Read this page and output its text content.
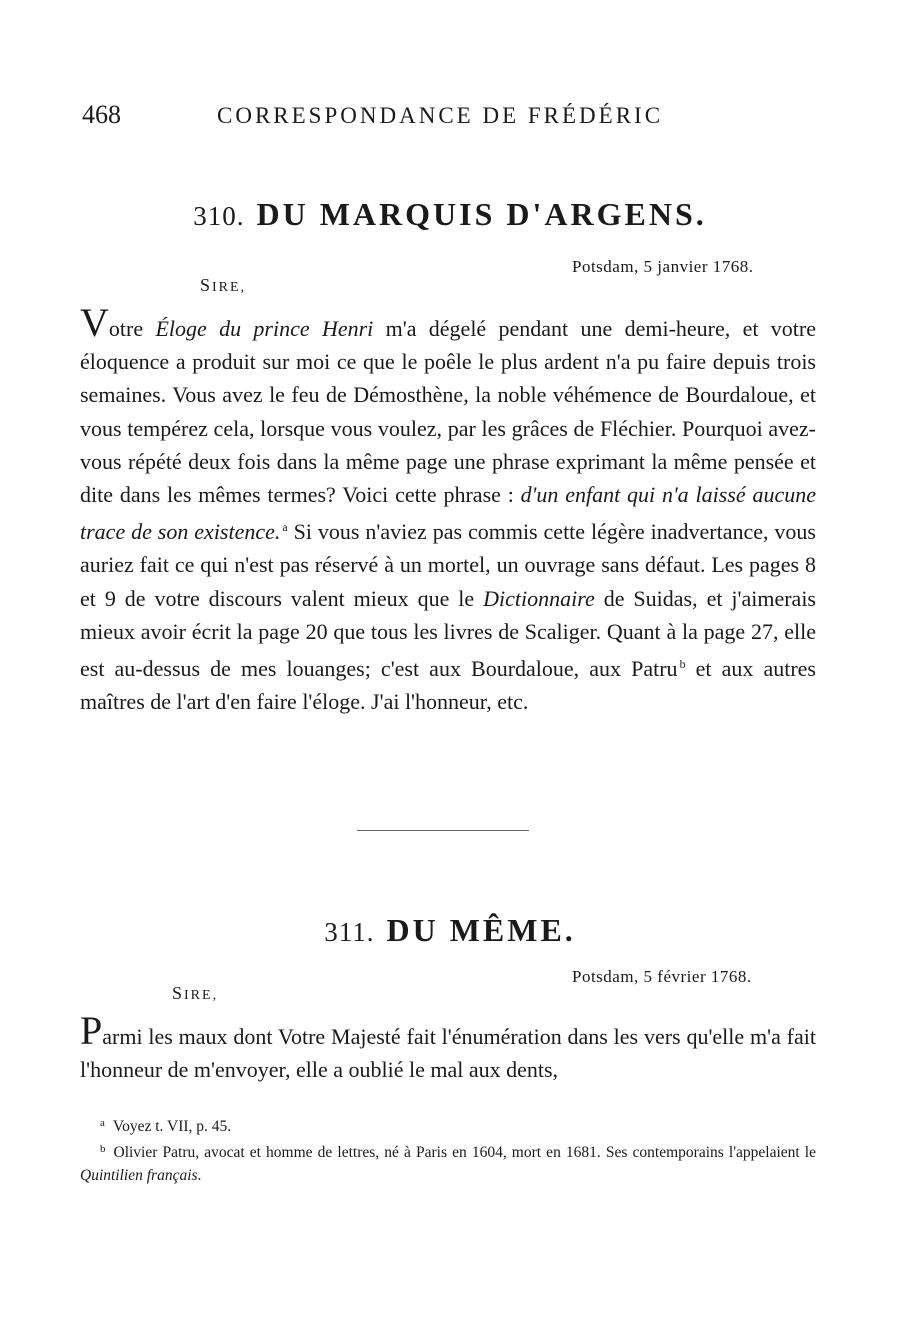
468	CORRESPONDANCE DE FRÉDÉRIC
310. DU MARQUIS D'ARGENS.
Potsdam, 5 janvier 1768.
SIRE,
Votre Éloge du prince Henri m'a dégelé pendant une demi-heure, et votre éloquence a produit sur moi ce que le poêle le plus ardent n'a pu faire depuis trois semaines. Vous avez le feu de Démosthène, la noble véhémence de Bourdaloue, et vous tempérez cela, lorsque vous voulez, par les grâces de Fléchier. Pourquoi avez-vous répété deux fois dans la même page une phrase exprimant la même pensée et dite dans les mêmes termes? Voici cette phrase : d'un enfant qui n'a laissé aucune trace de son existence. $^a$ Si vous n'aviez pas commis cette légère inadvertance, vous auriez fait ce qui n'est pas réservé à un mortel, un ouvrage sans défaut. Les pages 8 et 9 de votre discours valent mieux que le Dictionnaire de Suidas, et j'aimerais mieux avoir écrit la page 20 que tous les livres de Scaliger. Quant à la page 27, elle est au-dessus de mes louanges; c'est aux Bourdaloue, aux Patru $^b$ et aux autres maîtres de l'art d'en faire l'éloge. J'ai l'honneur, etc.
311. DU MÊME.
Potsdam, 5 février 1768.
SIRE,
Parmi les maux dont Votre Majesté fait l'énumération dans les vers qu'elle m'a fait l'honneur de m'envoyer, elle a oublié le mal aux dents,
$^a$ Voyez t. VII, p. 45.
$^b$ Olivier Patru, avocat et homme de lettres, né à Paris en 1604, mort en 1681. Ses contemporains l'appelaient le Quintilien français.
